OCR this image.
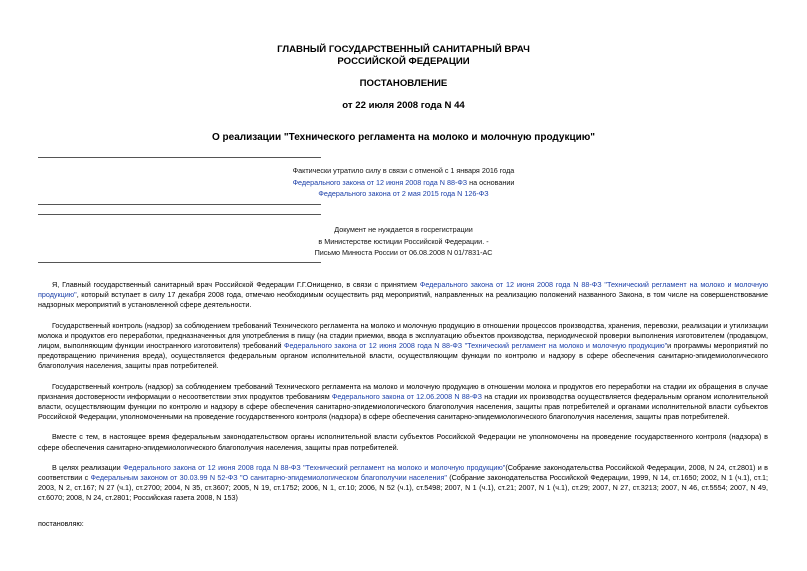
ГЛАВНЫЙ ГОСУДАРСТВЕННЫЙ САНИТАРНЫЙ ВРАЧ
РОССИЙСКОЙ ФЕДЕРАЦИИ
ПОСТАНОВЛЕНИЕ
от 22 июля 2008 года N 44
О реализации "Технического регламента на молоко и молочную продукцию"
Фактически утратило силу в связи с отменой с 1 января 2016 года
Федерального закона от 12 июня 2008 года N 88-ФЗ на основании
Федерального закона от 2 мая 2015 года N 126-ФЗ
Документ не нуждается в госрегистрации
в Министерстве юстиции Российской Федерации. -
Письмо Минюста России от 06.08.2008 N 01/7831-АС

Я, Главный государственный санитарный врач Российской Федерации Г.Г.Онищенко, в связи с принятием Федерального закона от 12 июня 2008 года N 88-ФЗ "Технический регламент на молоко и молочную продукцию", который вступает в силу 17 декабря 2008 года, отмечаю необходимым осуществить ряд мероприятий, направленных на реализацию положений названного Закона, в том числе на совершенствование надзорных мероприятий в установленной сфере деятельности.

Государственный контроль (надзор) за соблюдением требований Технического регламента на молоко и молочную продукцию в отношении процессов производства, хранения, перевозки, реализации и утилизации молока и продуктов его переработки, предназначенных для употребления в пищу (на стадии приемки, ввода в эксплуатацию объектов производства, периодической проверки выполнения изготовителем (продавцом, лицом, выполняющим функции иностранного изготовителя) требований Федерального закона от 12 июня 2008 года N 88-ФЗ "Технический регламент на молоко и молочную продукцию"и программы мероприятий по предотвращению причинения вреда), осуществляется федеральным органом исполнительной власти, осуществляющим функции по контролю и надзору в сфере обеспечения санитарно-эпидемиологического благополучия населения, защиты прав потребителей.

Государственный контроль (надзор) за соблюдением требований Технического регламента на молоко и молочную продукцию в отношении молока и продуктов его переработки на стадии их обращения в случае признания достоверности информации о несоответствии этих продуктов требованиям Федерального закона от 12.06.2008 N 88-ФЗ на стадии их производства осуществляется федеральным органом исполнительной власти, осуществляющим функции по контролю и надзору в сфере обеспечения санитарно-эпидемиологического благополучия населения, защиты прав потребителей и органами исполнительной власти субъектов Российской Федерации, уполномоченными на проведение государственного контроля (надзора) в сфере обеспечения санитарно-эпидемиологического благополучия населения, защиты прав потребителей.

Вместе с тем, в настоящее время федеральным законодательством органы исполнительной власти субъектов Российской Федерации не уполномочены на проведение государственного контроля (надзора) в сфере обеспечения санитарно-эпидемиологического благополучия населения, защиты прав потребителей.

В целях реализации Федерального закона от 12 июня 2008 года N 88-ФЗ "Технический регламент на молоко и молочную продукцию"(Собрание законодательства Российской Федерации, 2008, N 24, ст.2801) и в соответствии с Федеральным законом от 30.03.99 N 52-ФЗ "О санитарно-эпидемиологическом благополучии населения" (Собрание законодательства Российской Федерации, 1999, N 14, ст.1650; 2002, N 1 (ч.1), ст.1; 2003, N 2, ст.167; N 27 (ч.1), ст.2700; 2004, N 35, ст.3607; 2005, N 19, ст.1752; 2006, N 1, ст.10; 2006, N 52 (ч.1), ст.5498; 2007, N 1 (ч.1), ст.21; 2007, N 1 (ч.1), ст.29; 2007, N 27, ст.3213; 2007, N 46, ст.5554; 2007, N 49, ст.6070; 2008, N 24, ст.2801; Российская газета 2008, N 153)

постановляю:
